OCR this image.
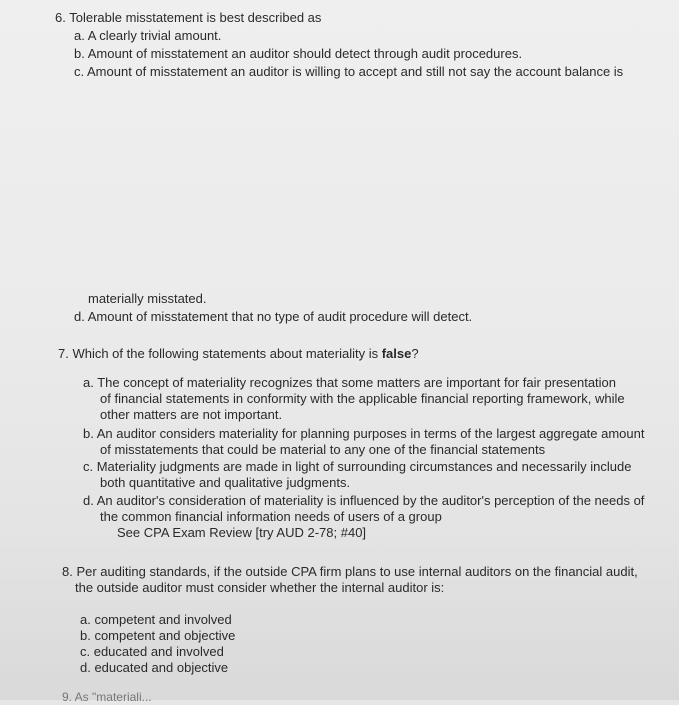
6. Tolerable misstatement is best described as
a. A clearly trivial amount.
b. Amount of misstatement an auditor should detect through audit procedures.
c. Amount of misstatement an auditor is willing to accept and still not say the account balance is
materially misstated.
d. Amount of misstatement that no type of audit procedure will detect.
7. Which of the following statements about materiality is false?
a. The concept of materiality recognizes that some matters are important for fair presentation
of financial statements in conformity with the applicable financial reporting framework, while
other matters are not important.
b. An auditor considers materiality for planning purposes in terms of the largest aggregate amount
of misstatements that could be material to any one of the financial statements
c. Materiality judgments are made in light of surrounding circumstances and necessarily include
both quantitative and qualitative judgments.
d. An auditor's consideration of materiality is influenced by the auditor's perception of the needs of
the common financial information needs of users of a group
See CPA Exam Review [try AUD 2-78; #40]
8. Per auditing standards, if the outside CPA firm plans to use internal auditors on the financial audit,
the outside auditor must consider whether the internal auditor is:
a. competent and involved
b. competent and objective
c. educated and involved
d. educated and objective
9. As "materiali...
